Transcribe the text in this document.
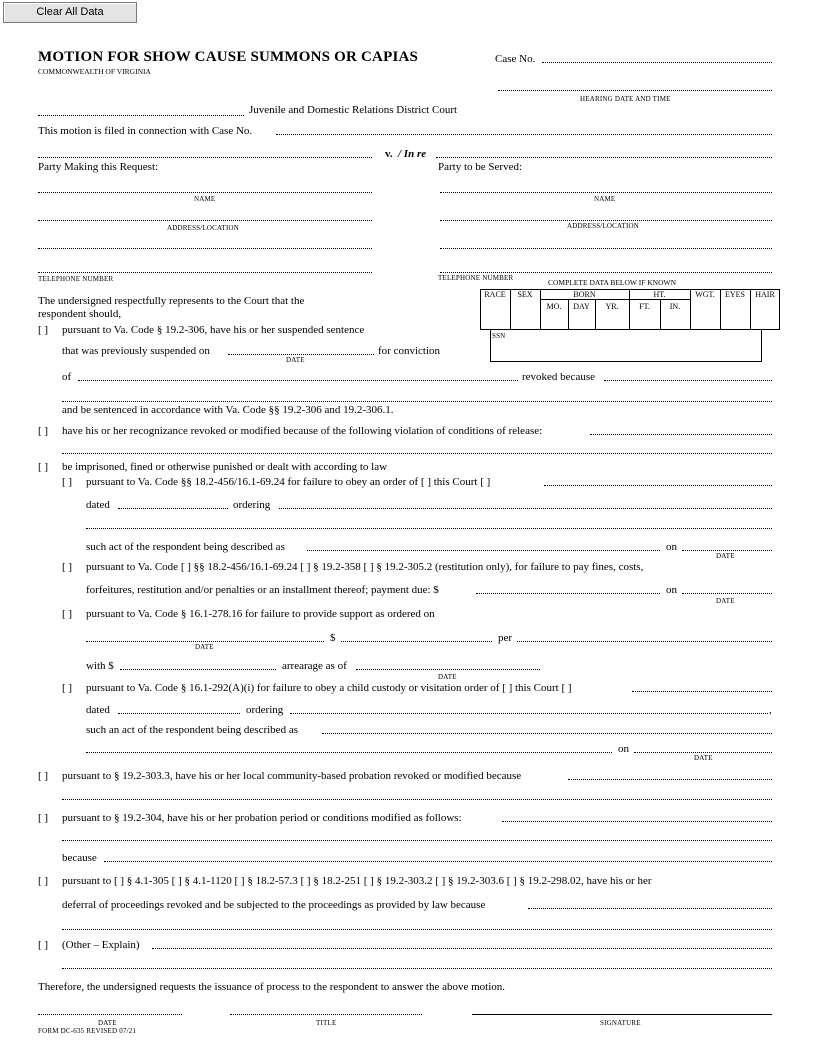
Clear All Data
MOTION FOR SHOW CAUSE SUMMONS OR CAPIAS
COMMONWEALTH OF VIRGINIA
Case No.
HEARING DATE AND TIME
Juvenile and Domestic Relations District Court
This motion is filed in connection with Case No.
v. / In re
Party Making this Request:	Party to be Served:
NAME	NAME
ADDRESS/LOCATION	ADDRESS/LOCATION
TELEPHONE NUMBER	TELEPHONE NUMBER	COMPLETE DATA BELOW IF KNOWN
RACE	SEX	BORN	HT.	WGT.	EYES	HAIR
MO.	DAY	YR.	FT.	IN.
SSN
The undersigned respectfully represents to the Court that the
respondent should,
[ ] pursuant to Va. Code § 19.2-306, have his or her suspended sentence
that was previously suspended on
DATE
for conviction
of	revoked because
and be sentenced in accordance with Va. Code §§ 19.2-306 and 19.2-306.1.
[ ] have his or her recognizance revoked or modified because of the following violation of conditions of release:
[ ] be imprisoned, fined or otherwise punished or dealt with according to law
[ ] pursuant to Va. Code §§ 18.2-456/16.1-69.24 for failure to obey an order of [ ] this Court [ ]
dated	ordering
such act of the respondent being described as	on
DATE
[ ] pursuant to Va. Code [ ] §§ 18.2-456/16.1-69.24 [ ] § 19.2-358 [ ] § 19.2-305.2 (restitution only), for failure to pay fines, costs,
forfeitures, restitution and/or penalties or an installment thereof; payment due: $	on
DATE
[ ] pursuant to Va. Code § 16.1-278.16 for failure to provide support as ordered on
DATE
$	per
with $	arrearage as of
DATE
[ ] pursuant to Va. Code § 16.1-292(A)(i) for failure to obey a child custody or visitation order of [ ] this Court [ ]
dated	ordering	,
such an act of the respondent being described as
on
DATE
[ ] pursuant to § 19.2-303.3, have his or her local community-based probation revoked or modified because
[ ] pursuant to § 19.2-304, have his or her probation period or conditions modified as follows:
because
[ ] pursuant to [ ] § 4.1-305 [ ] § 4.1-1120 [ ] § 18.2-57.3 [ ] § 18.2-251 [ ] § 19.2-303.2 [ ] § 19.2-303.6 [ ] § 19.2-298.02, have his or her
deferral of proceedings revoked and be subjected to the proceedings as provided by law because
[ ] (Other – Explain)
Therefore, the undersigned requests the issuance of process to the respondent to answer the above motion.
DATE	TITLE	SIGNATURE
FORM DC-635 REVISED 07/21
